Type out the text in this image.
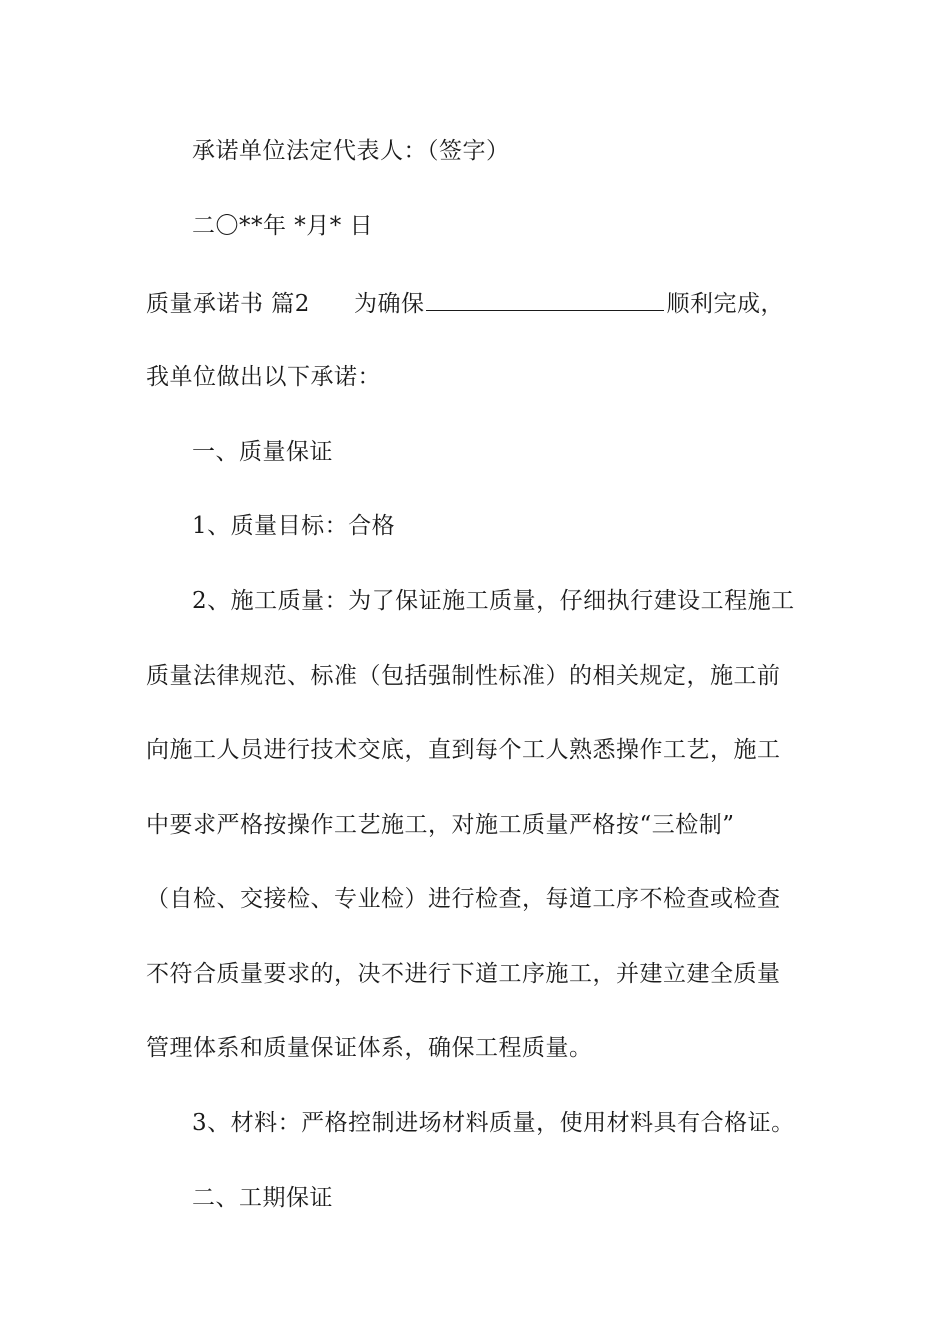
承诺单位法定代表人：（签字）
二〇**年 *月* 日
质量承诺书 篇2 为确保	顺利完成，
我单位做出以下承诺：
一、质量保证
1、质量目标：合格
2、施工质量：为了保证施工质量，仔细执行建设工程施工
质量法律规范、标准（包括强制性标准）的相关规定，施工前
向施工人员进行技术交底，直到每个工人熟悉操作工艺，施工
中要求严格按操作工艺施工，对施工质量严格按“三检制”
（自检、交接检、专业检）进行检查，每道工序不检查或检查
不符合质量要求的，决不进行下道工序施工，并建立建全质量
管理体系和质量保证体系，确保工程质量。
3、材料：严格控制进场材料质量，使用材料具有合格证。
二、工期保证
